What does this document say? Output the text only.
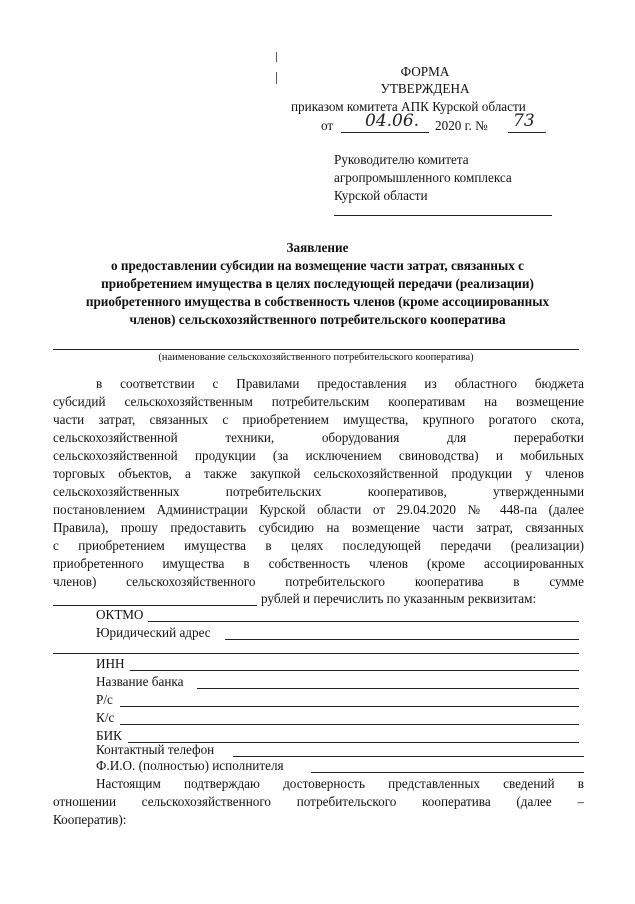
ФОРМА
УТВЕРЖДЕНА
приказом комитета АПК Курской области
от 04.06. 2020 г. № 73
Руководителю комитета
агропромышленного комплекса
Курской области
Заявление
о предоставлении субсидии на возмещение части затрат, связанных с
приобретением имущества в целях последующей передачи (реализации)
приобретенного имущества в собственность членов (кроме ассоциированных
членов) сельскохозяйственного потребительского кооператива
(наименование сельскохозяйственного потребительского кооператива)
в соответствии с Правилами предоставления из областного бюджета
субсидий сельскохозяйственным потребительским кооперативам на возмещение
части затрат, связанных с приобретением имущества, крупного рогатого скота,
сельскохозяйственной техники, оборудования для переработки
сельскохозяйственной продукции (за исключением свиноводства) и мобильных
торговых объектов, а также закупкой сельскохозяйственной продукции у членов
сельскохозяйственных потребительских кооперативов, утвержденными
постановлением Администрации Курской области от 29.04.2020 № 448-па (далее
Правила), прошу предоставить субсидию на возмещение части затрат, связанных
с приобретением имущества в целях последующей передачи (реализации)
приобретенного имущества в собственность членов (кроме ассоциированных
членов) сельскохозяйственного потребительского кооператива в сумме
рублей и перечислить по указанным реквизитам:
ОКТМО
Юридический адрес
ИНН
Название банка
Р/с
К/с
БИК
Контактный телефон
Ф.И.О. (полностью) исполнителя
Настоящим подтверждаю достоверность представленных сведений в
отношении сельскохозяйственного потребительского кооператива (далее –
Кооператив):
